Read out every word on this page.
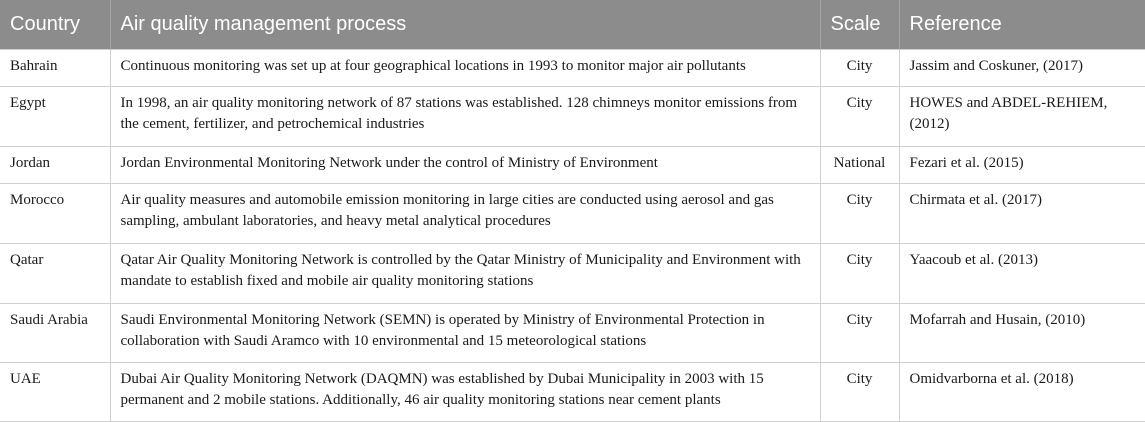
Country	Air quality management process	Scale	Reference
Bahrain	Continuous monitoring was set up at four geographical locations in 1993 to monitor major air pollutants	City	Jassim and Coskuner, (2017)
Egypt	In 1998, an air quality monitoring network of 87 stations was established. 128 chimneys monitor emissions from the cement, fertilizer, and petrochemical industries	City	HOWES and ABDEL-REHIEM, (2012)
Jordan	Jordan Environmental Monitoring Network under the control of Ministry of Environment	National	Fezari et al. (2015)
Morocco	Air quality measures and automobile emission monitoring in large cities are conducted using aerosol and gas sampling, ambulant laboratories, and heavy metal analytical procedures	City	Chirmata et al. (2017)
Qatar	Qatar Air Quality Monitoring Network is controlled by the Qatar Ministry of Municipality and Environment with mandate to establish fixed and mobile air quality monitoring stations	City	Yaacoub et al. (2013)
Saudi Arabia	Saudi Environmental Monitoring Network (SEMN) is operated by Ministry of Environmental Protection in collaboration with Saudi Aramco with 10 environmental and 15 meteorological stations	City	Mofarrah and Husain, (2010)
UAE	Dubai Air Quality Monitoring Network (DAQMN) was established by Dubai Municipality in 2003 with 15 permanent and 2 mobile stations. Additionally, 46 air quality monitoring stations near cement plants	City	Omidvarborna et al. (2018)
